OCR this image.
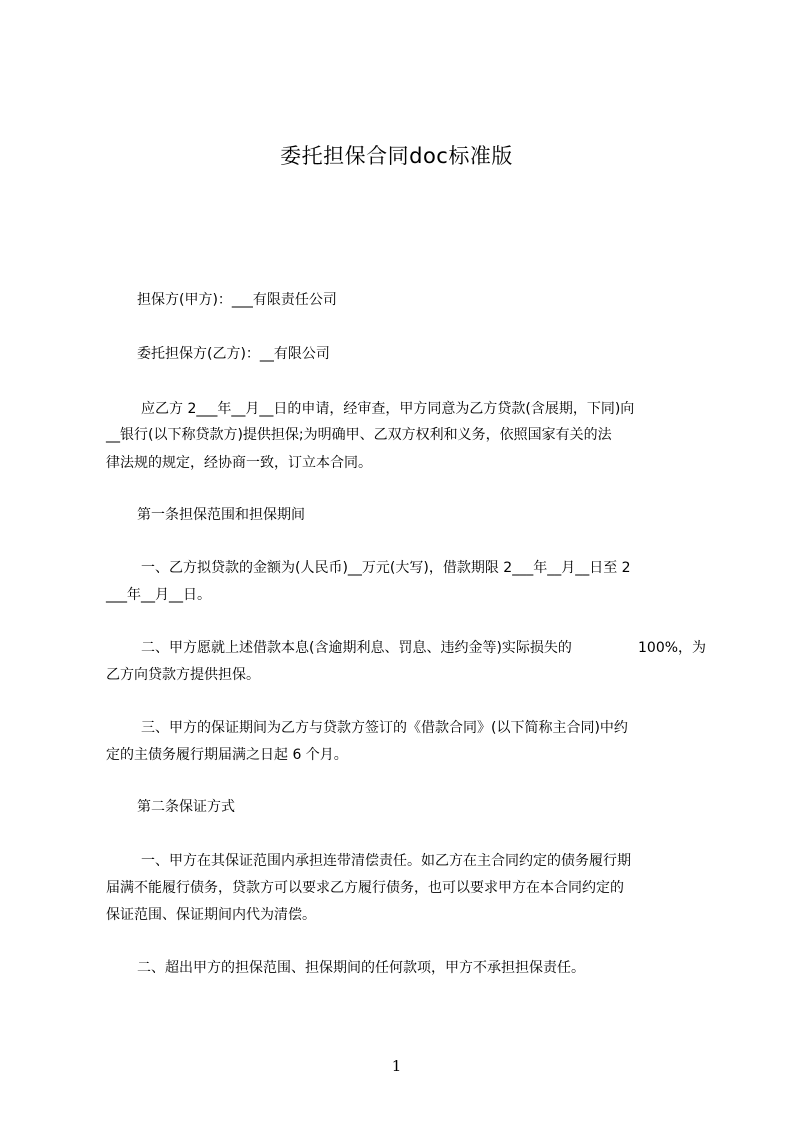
委托担保合同doc标准版
担保方(甲方)：___有限责任公司
委托担保方(乙方)：__有限公司
应乙方 2___年__月__日的申请，经审查，甲方同意为乙方贷款(含展期，下同)向
__银行(以下称贷款方)提供担保;为明确甲、乙双方权利和义务，依照国家有关的法
律法规的规定，经协商一致，订立本合同。
第一条担保范围和担保期间
一、乙方拟贷款的金额为(人民币)__万元(大写)，借款期限 2___年__月__日至 2
___年__月__日。
二、甲方愿就上述借款本息(含逾期利息、罚息、违约金等)实际损失的	100%，为
乙方向贷款方提供担保。
三、甲方的保证期间为乙方与贷款方签订的《借款合同》(以下简称主合同)中约
定的主债务履行期届满之日起 6 个月。
第二条保证方式
一、甲方在其保证范围内承担连带清偿责任。如乙方在主合同约定的债务履行期
届满不能履行债务，贷款方可以要求乙方履行债务，也可以要求甲方在本合同约定的
保证范围、保证期间内代为清偿。
二、超出甲方的担保范围、担保期间的任何款项，甲方不承担担保责任。
1
